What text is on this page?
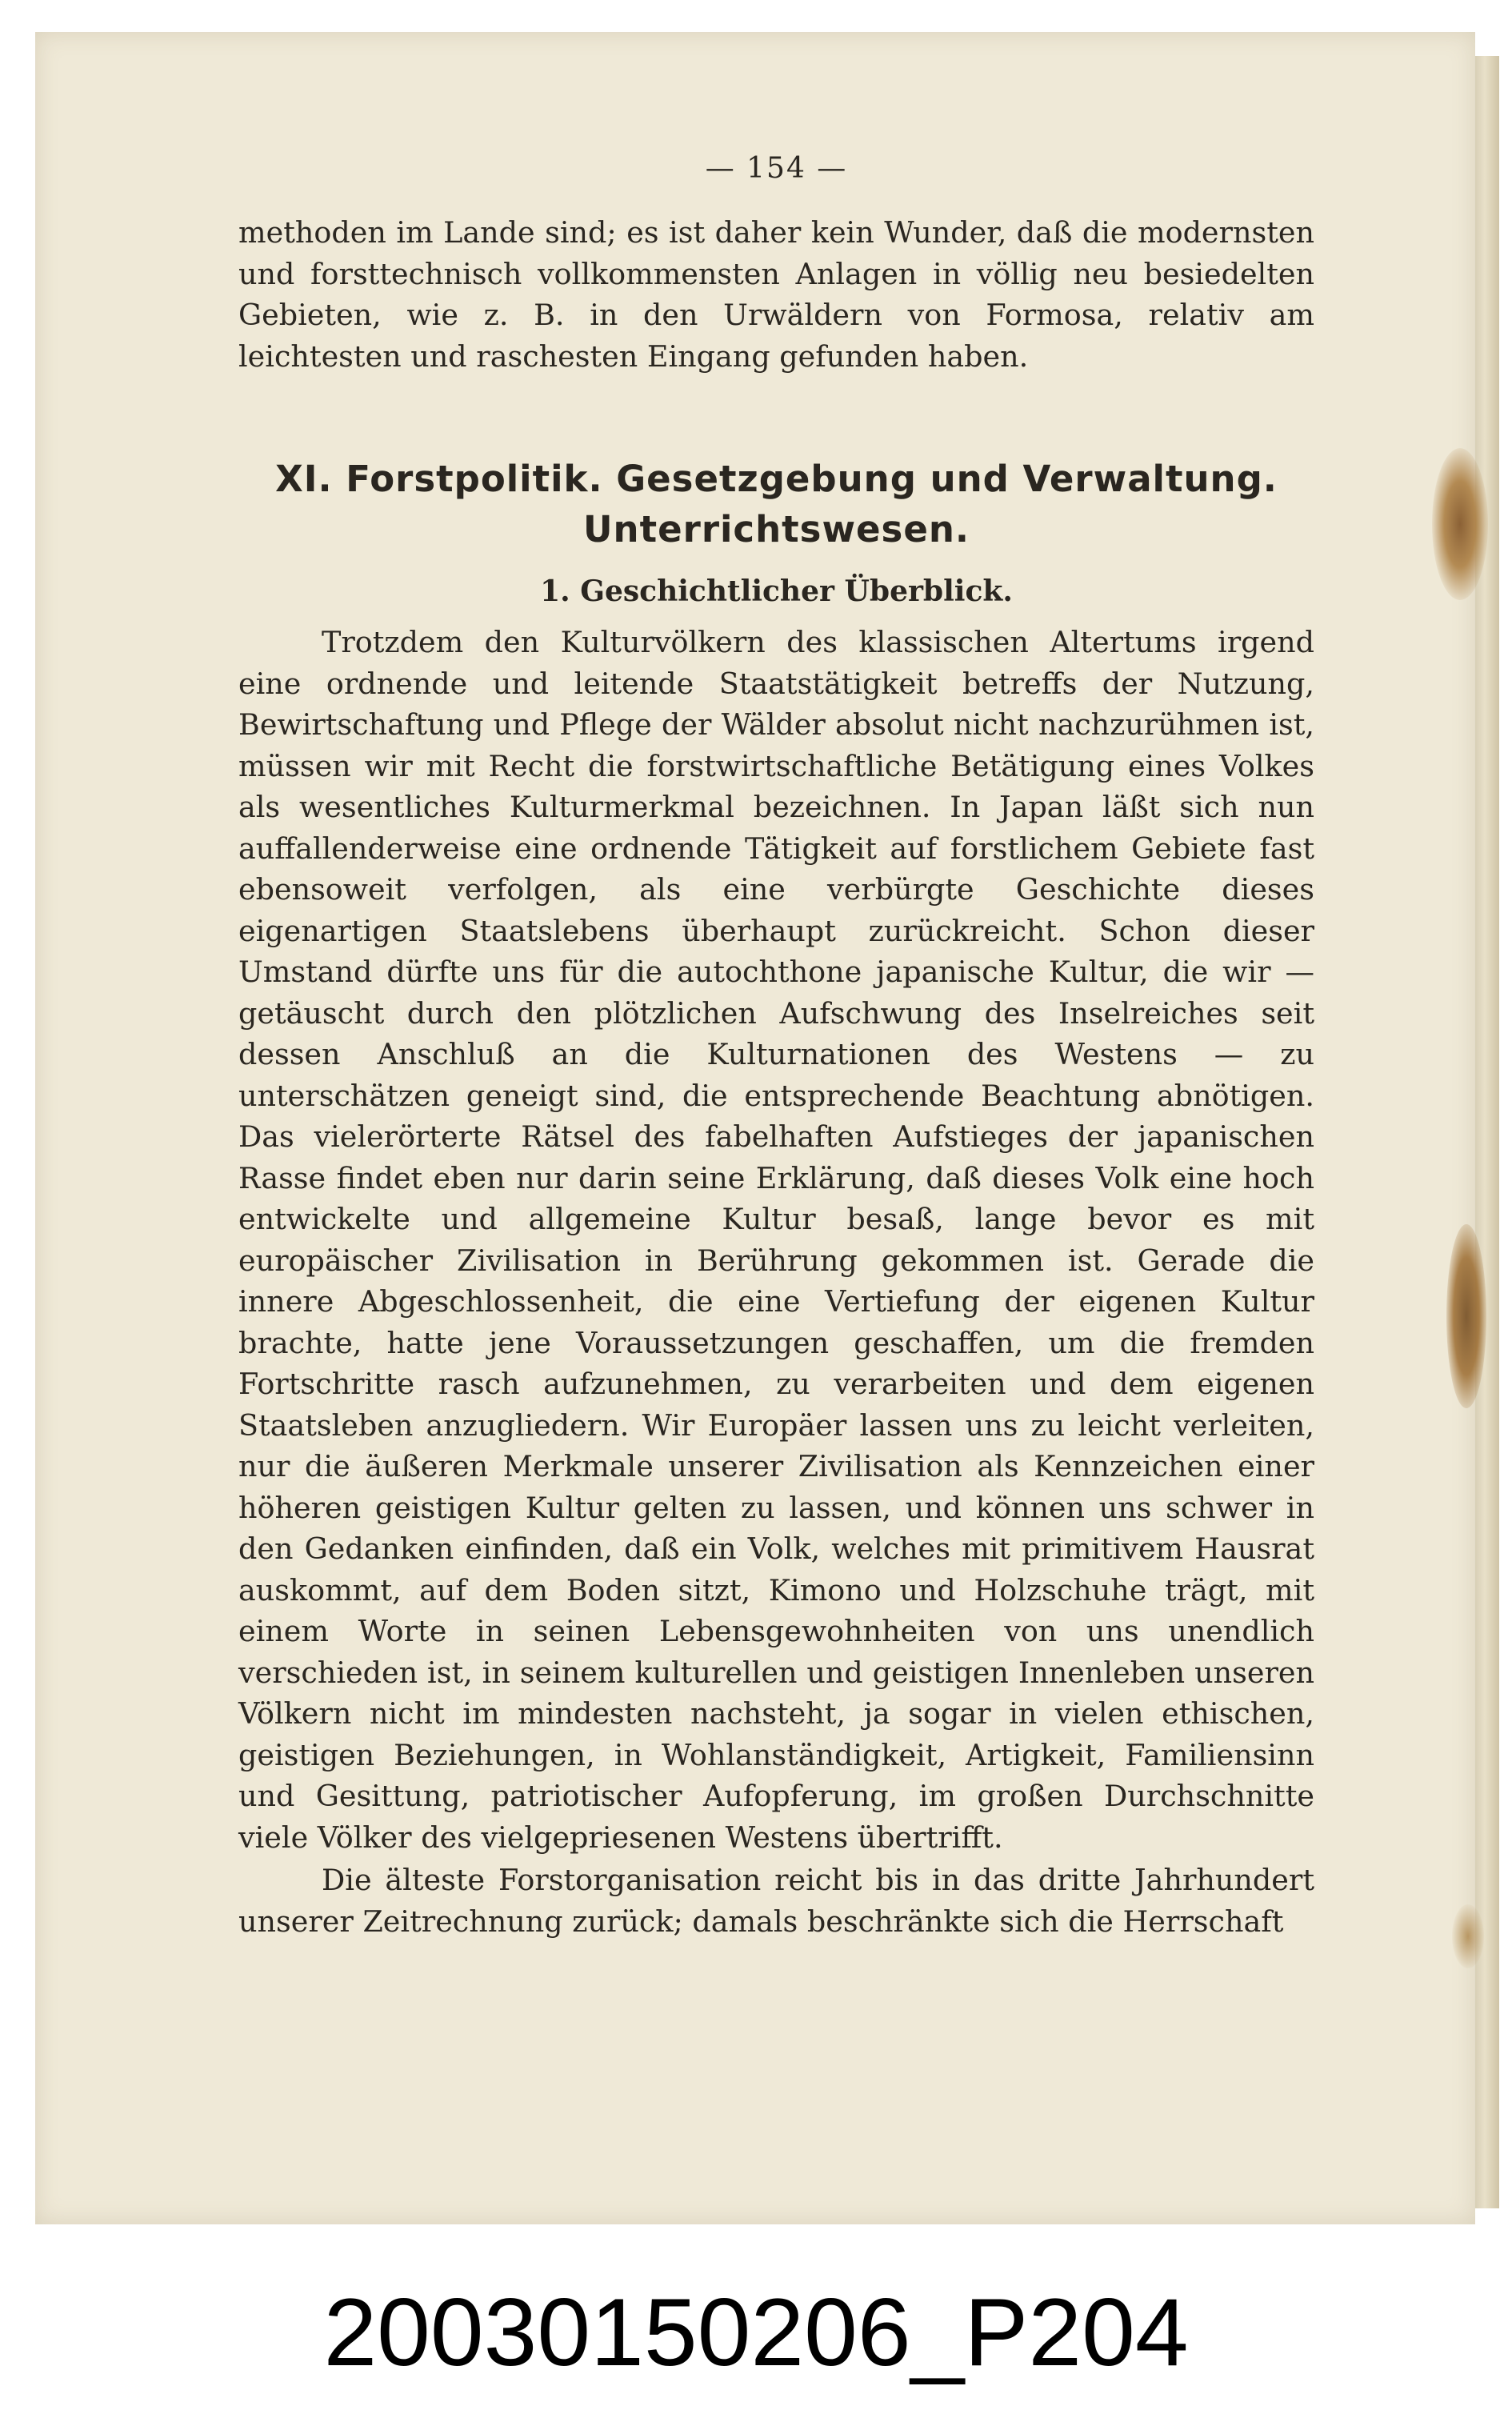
— 154 —

methoden im Lande sind; es ist daher kein Wunder, daß die modernsten und forsttechnisch vollkommensten Anlagen in völlig neu besiedelten Gebieten, wie z. B. in den Urwäldern von Formosa, relativ am leichtesten und raschesten Eingang gefunden haben.

XI. Forstpolitik. Gesetzgebung und Verwaltung.
Unterrichtswesen.
1. Geschichtlicher Überblick.

Trotzdem den Kulturvölkern des klassischen Altertums irgend eine ordnende und leitende Staatstätigkeit betreffs der Nutzung, Bewirtschaftung und Pflege der Wälder absolut nicht nachzurühmen ist, müssen wir mit Recht die forstwirtschaftliche Betätigung eines Volkes als wesentliches Kulturmerkmal bezeichnen. In Japan läßt sich nun auffallenderweise eine ordnende Tätigkeit auf forstlichem Gebiete fast ebensoweit verfolgen, als eine verbürgte Geschichte dieses eigenartigen Staatslebens überhaupt zurückreicht. Schon dieser Umstand dürfte uns für die autochthone japanische Kultur, die wir — getäuscht durch den plötzlichen Aufschwung des Inselreiches seit dessen Anschluß an die Kulturnationen des Westens — zu unterschätzen geneigt sind, die entsprechende Beachtung abnötigen. Das vielerörterte Rätsel des fabelhaften Aufstieges der japanischen Rasse findet eben nur darin seine Erklärung, daß dieses Volk eine hoch entwickelte und allgemeine Kultur besaß, lange bevor es mit europäischer Zivilisation in Berührung gekommen ist. Gerade die innere Abgeschlossenheit, die eine Vertiefung der eigenen Kultur brachte, hatte jene Voraussetzungen geschaffen, um die fremden Fortschritte rasch aufzunehmen, zu verarbeiten und dem eigenen Staatsleben anzugliedern. Wir Europäer lassen uns zu leicht verleiten, nur die äußeren Merkmale unserer Zivilisation als Kennzeichen einer höheren geistigen Kultur gelten zu lassen, und können uns schwer in den Gedanken einfinden, daß ein Volk, welches mit primitivem Hausrat auskommt, auf dem Boden sitzt, Kimono und Holzschuhe trägt, mit einem Worte in seinen Lebensgewohnheiten von uns unendlich verschieden ist, in seinem kulturellen und geistigen Innenleben unseren Völkern nicht im mindesten nachsteht, ja sogar in vielen ethischen, geistigen Beziehungen, in Wohlanständigkeit, Artigkeit, Familiensinn und Gesittung, patriotischer Aufopferung, im großen Durchschnitte viele Völker des vielgepriesenen Westens übertrifft.

Die älteste Forstorganisation reicht bis in das dritte Jahrhundert unserer Zeitrechnung zurück; damals beschränkte sich die Herrschaft

20030150206_P204
